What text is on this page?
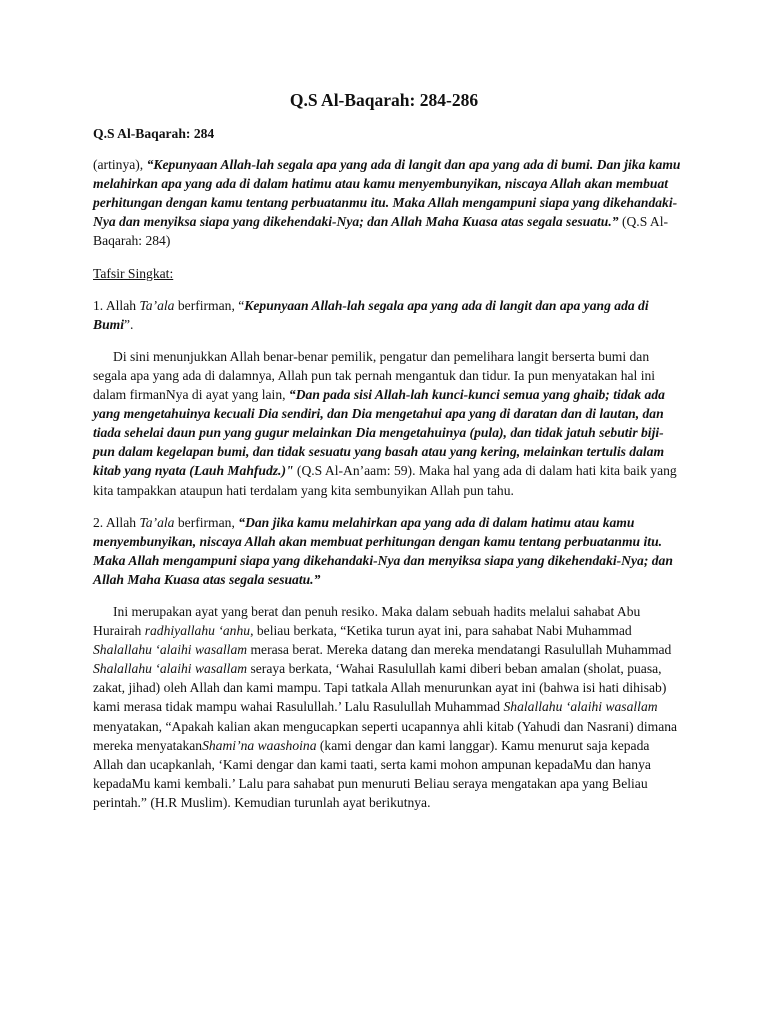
Q.S Al-Baqarah: 284-286

Q.S Al-Baqarah: 284

(artinya), “Kepunyaan Allah-lah segala apa yang ada di langit dan apa yang ada di bumi. Dan jika kamu melahirkan apa yang ada di dalam hatimu atau kamu menyembunyikan, niscaya Allah akan membuat perhitungan dengan kamu tentang perbuatanmu itu. Maka Allah mengampuni siapa yang dikehandaki-Nya dan menyiksa siapa yang dikehendaki-Nya; dan Allah Maha Kuasa atas segala sesuatu.” (Q.S Al-Baqarah: 284)

Tafsir Singkat:

1. Allah Ta’ala berfirman, “Kepunyaan Allah-lah segala apa yang ada di langit dan apa yang ada di Bumi”.

Di sini menunjukkan Allah benar-benar pemilik, pengatur dan pemelihara langit berserta bumi dan segala apa yang ada di dalamnya, Allah pun tak pernah mengantuk dan tidur. Ia pun menyatakan hal ini dalam firmanNya di ayat yang lain, “Dan pada sisi Allah-lah kunci-kunci semua yang ghaib; tidak ada yang mengetahuinya kecuali Dia sendiri, dan Dia mengetahui apa yang di daratan dan di lautan, dan tiada sehelai daun pun yang gugur melainkan Dia mengetahuinya (pula), dan tidak jatuh sebutir biji-pun dalam kegelapan bumi, dan tidak sesuatu yang basah atau yang kering, melainkan tertulis dalam kitab yang nyata (Lauh Mahfudz.)" (Q.S Al-An’aam: 59). Maka hal yang ada di dalam hati kita baik yang kita tampakkan ataupun hati terdalam yang kita sembunyikan Allah pun tahu.

2. Allah Ta’ala berfirman, “Dan jika kamu melahirkan apa yang ada di dalam hatimu atau kamu menyembunyikan, niscaya Allah akan membuat perhitungan dengan kamu tentang perbuatanmu itu. Maka Allah mengampuni siapa yang dikehandaki-Nya dan menyiksa siapa yang dikehendaki-Nya; dan Allah Maha Kuasa atas segala sesuatu.”

Ini merupakan ayat yang berat dan penuh resiko. Maka dalam sebuah hadits melalui sahabat Abu Hurairah radhiyallahu ‘anhu, beliau berkata, “Ketika turun ayat ini, para sahabat Nabi Muhammad Shalallahu ‘alaihi wasallam merasa berat. Mereka datang dan mereka mendatangi Rasulullah Muhammad Shalallahu ‘alaihi wasallam seraya berkata, ‘Wahai Rasulullah kami diberi beban amalan (sholat, puasa, zakat, jihad) oleh Allah dan kami mampu. Tapi tatkala Allah menurunkan ayat ini (bahwa isi hati dihisab) kami merasa tidak mampu wahai Rasulullah.’ Lalu Rasulullah Muhammad Shalallahu ‘alaihi wasallam menyatakan, “Apakah kalian akan mengucapkan seperti ucapannya ahli kitab (Yahudi dan Nasrani) dimana mereka menyatakanShami’na waashoina (kami dengar dan kami langgar). Kamu menurut saja kepada Allah dan ucapkanlah, ‘Kami dengar dan kami taati, serta kami mohon ampunan kepadaMu dan hanya kepadaMu kami kembali.’ Lalu para sahabat pun menuruti Beliau seraya mengatakan apa yang Beliau perintah.” (H.R Muslim). Kemudian turunlah ayat berikutnya.
